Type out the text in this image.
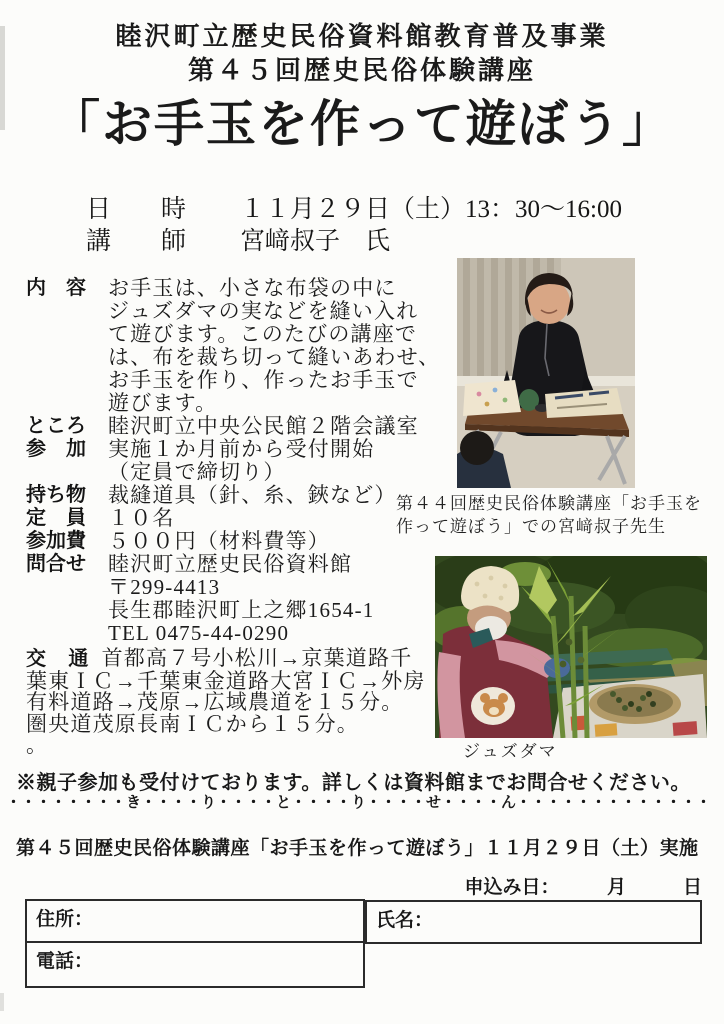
睦沢町立歴史民俗資料館教育普及事業
第４５回歴史民俗体験講座
「お手玉を作って遊ぼう」
日　　時 １１月２９日（土）13：30～16:00
講　　師 宮﨑叔子　氏
内　容	お手玉は、小さな布袋の中に
ジュズダマの実などを縫い入れ
て遊びます。このたびの講座で
は、布を裁ち切って縫いあわせ、
お手玉を作り、作ったお手玉で
遊びます。
ところ	睦沢町立中央公民館２階会議室
参　加	実施１か月前から受付開始
（定員で締切り）
持ち物	裁縫道具（針、糸、鋏など）
定　員	１０名
参加費	５００円（材料費等）
問合せ	睦沢町立歴史民俗資料館
〒299-4413
長生郡睦沢町上之郷1654-1
TEL 0475-44-0290
交　通 首都高７号小松川→京葉道路千
葉東ＩＣ→千葉東金道路大宮ＩＣ→外房
有料道路→茂原→広域農道を１５分。
圏央道茂原長南ＩＣから１５分。
。
第４４回歴史民俗体験講座「お手玉を
作って遊ぼう」での宮﨑叔子先生
ジュズダマ
※親子参加も受付けております。詳しくは資料館までお問合せください。
・・・・・・・・き・・・・り・・・・と・・・・り・・・・せ・・・・ん・・・・・・・・・・・・・
第４５回歴史民俗体験講座「お手玉を作って遊ぼう」１１月２９日（土）実施
申込み日：　　　月　　　日
住所：
電話：
氏名：
